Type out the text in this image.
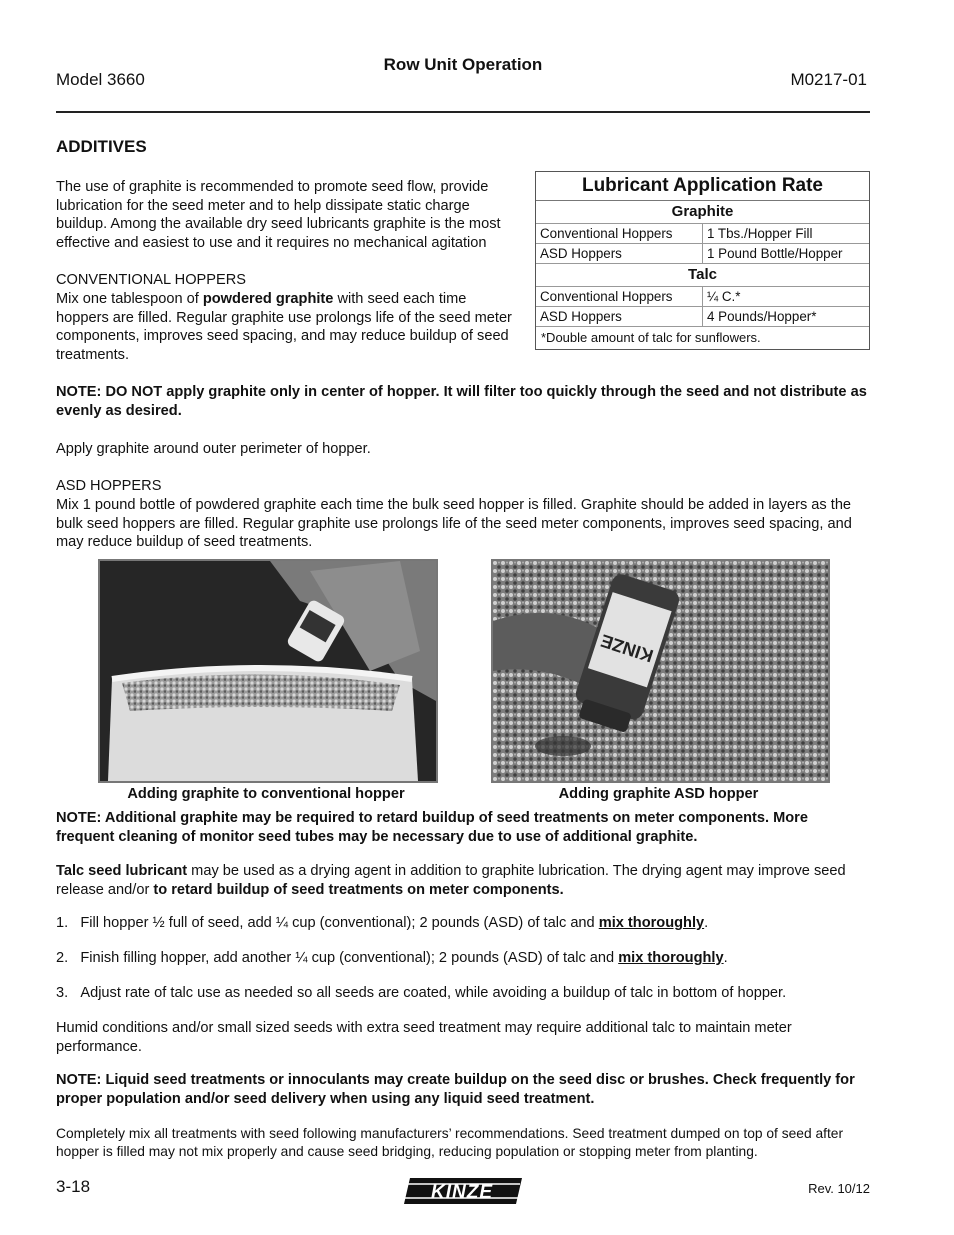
Row Unit Operation
Model 3660	M0217-01
ADDITIVES
The use of graphite is recommended to promote seed flow, provide lubrication for the seed meter and to help dissipate static charge buildup. Among the available dry seed lubricants graphite is the most effective and easiest to use and it requires no mechanical agitation
CONVENTIONAL HOPPERS
Mix one tablespoon of powdered graphite with seed each time hoppers are filled. Regular graphite use prolongs life of the seed meter components, improves seed spacing, and may reduce buildup of seed treatments.
Lubricant Application Rate
Graphite
Conventional Hoppers	1 Tbs./Hopper Fill
ASD Hoppers	1 Pound Bottle/Hopper
Talc
Conventional Hoppers	¼ C.*
ASD Hoppers	4 Pounds/Hopper*
*Double amount of talc for sunflowers.
NOTE: DO NOT apply graphite only in center of hopper. It will filter too quickly through the seed and not distribute as evenly as desired.
Apply graphite around outer perimeter of hopper.
ASD HOPPERS
Mix 1 pound bottle of powdered graphite each time the bulk seed hopper is filled. Graphite should be added in layers as the bulk seed hoppers are filled. Regular graphite use prolongs life of the seed meter components, improves seed spacing, and may reduce buildup of seed treatments.
Adding graphite to conventional hopper
KINZE
Adding graphite ASD hopper
NOTE: Additional graphite may be required to retard buildup of seed treatments on meter components. More frequent cleaning of monitor seed tubes may be necessary due to use of additional graphite.
Talc seed lubricant may be used as a drying agent in addition to graphite lubrication. The drying agent may improve seed release and/or to retard buildup of seed treatments on meter components.
1. Fill hopper ½ full of seed, add ¼ cup (conventional); 2 pounds (ASD) of talc and mix thoroughly.
2. Finish filling hopper, add another ¼ cup (conventional); 2 pounds (ASD) of talc and mix thoroughly.
3. Adjust rate of talc use as needed so all seeds are coated, while avoiding a buildup of talc in bottom of hopper.
Humid conditions and/or small sized seeds with extra seed treatment may require additional talc to maintain meter performance.
NOTE: Liquid seed treatments or innoculants may create buildup on the seed disc or brushes. Check frequently for proper population and/or seed delivery when using any liquid seed treatment.
Completely mix all treatments with seed following manufacturers’ recommendations. Seed treatment dumped on top of seed after hopper is filled may not mix properly and cause seed bridging, reducing population or stopping meter from planting.
3-18	KINZE	Rev. 10/12
